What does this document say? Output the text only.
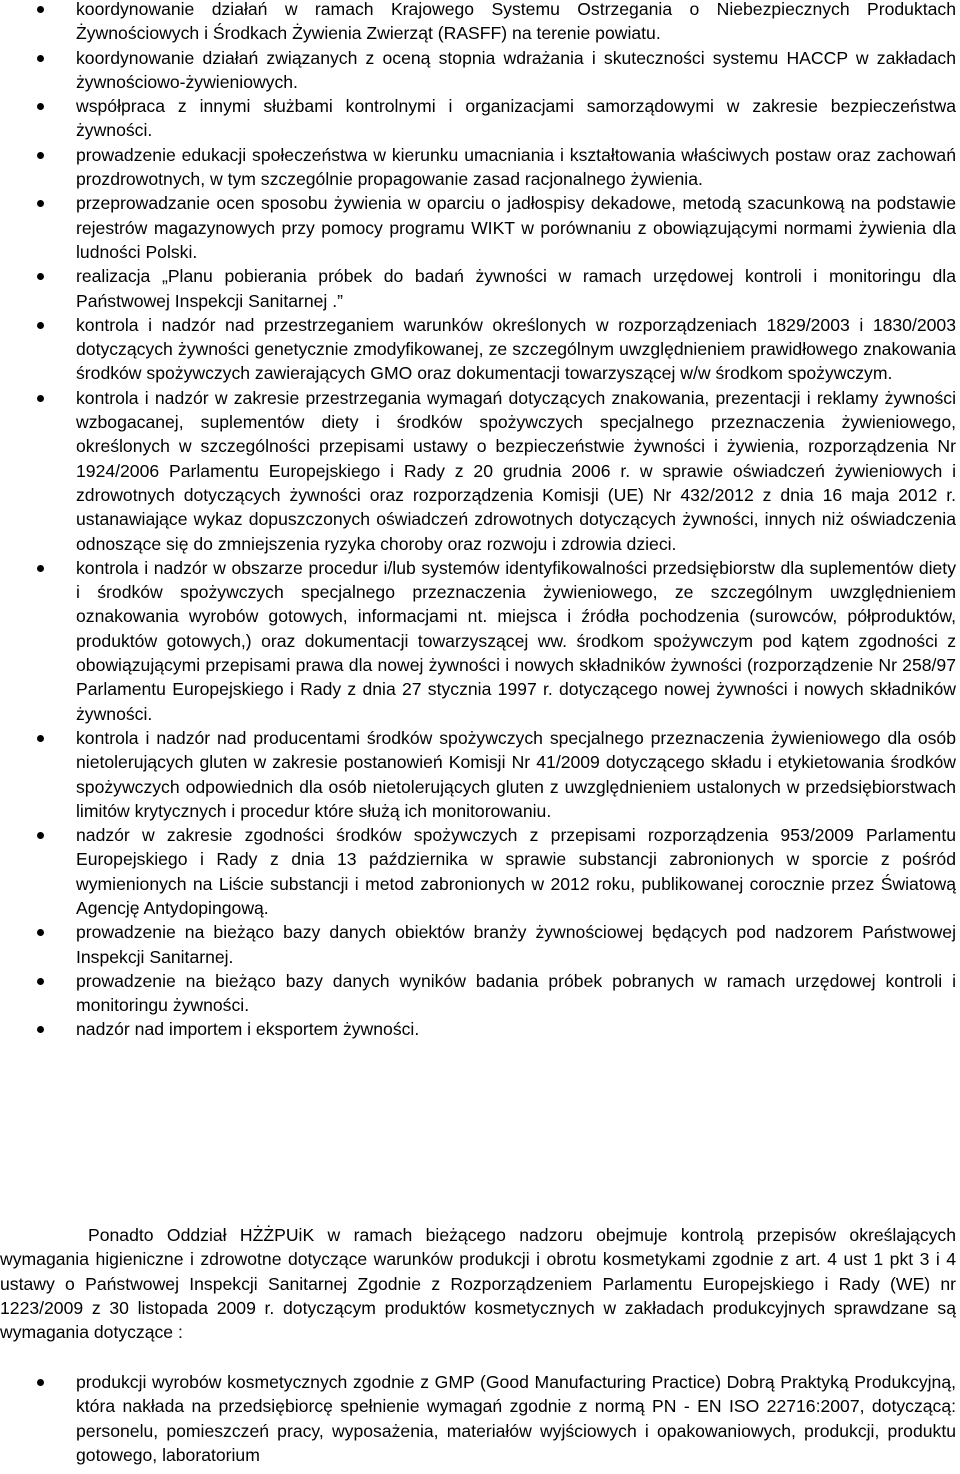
koordynowanie działań w ramach Krajowego Systemu Ostrzegania o Niebezpiecznych Produktach Żywnościowych i Środkach Żywienia Zwierząt (RASFF) na terenie powiatu.
koordynowanie działań związanych z oceną stopnia wdrażania i skuteczności systemu HACCP w zakładach żywnościowo-żywieniowych.
współpraca z innymi służbami kontrolnymi i organizacjami samorządowymi w zakresie bezpieczeństwa żywności.
prowadzenie edukacji społeczeństwa w kierunku umacniania i kształtowania właściwych postaw oraz zachowań prozdrowotnych, w tym szczególnie propagowanie zasad racjonalnego żywienia.
przeprowadzanie ocen sposobu żywienia w oparciu o jadłospisy dekadowe, metodą szacunkową na podstawie rejestrów magazynowych przy pomocy programu WIKT w porównaniu z obowiązującymi normami żywienia dla ludności Polski.
realizacja „Planu pobierania próbek do badań żywności w ramach urzędowej kontroli i monitoringu dla Państwowej Inspekcji Sanitarnej .”
kontrola i nadzór nad przestrzeganiem warunków określonych w rozporządzeniach 1829/2003 i 1830/2003 dotyczących żywności genetycznie zmodyfikowanej, ze szczególnym uwzględnieniem prawidłowego znakowania środków spożywczych zawierających GMO oraz dokumentacji towarzyszącej w/w środkom spożywczym.
kontrola i nadzór w zakresie przestrzegania wymagań dotyczących znakowania, prezentacji i reklamy żywności wzbogacanej, suplementów diety i środków spożywczych specjalnego przeznaczenia żywieniowego, określonych w szczególności przepisami ustawy o bezpieczeństwie żywności i żywienia, rozporządzenia Nr 1924/2006 Parlamentu Europejskiego i Rady z 20 grudnia 2006 r. w sprawie oświadczeń żywieniowych i zdrowotnych dotyczących żywności oraz rozporządzenia Komisji (UE) Nr 432/2012 z dnia 16 maja 2012 r. ustanawiające wykaz dopuszczonych oświadczeń zdrowotnych dotyczących żywności, innych niż oświadczenia odnoszące się do zmniejszenia ryzyka choroby oraz rozwoju i zdrowia dzieci.
kontrola i nadzór w obszarze procedur i/lub systemów identyfikowalności przedsiębiorstw dla suplementów diety i środków spożywczych specjalnego przeznaczenia żywieniowego, ze szczególnym uwzględnieniem oznakowania wyrobów gotowych, informacjami nt. miejsca i źródła pochodzenia (surowców, półproduktów, produktów gotowych,) oraz dokumentacji towarzyszącej ww. środkom spożywczym pod kątem zgodności z obowiązującymi przepisami prawa dla nowej żywności i nowych składników żywności (rozporządzenie Nr 258/97 Parlamentu Europejskiego i Rady z dnia 27 stycznia 1997 r. dotyczącego nowej żywności i nowych składników żywności.
kontrola i nadzór nad producentami środków spożywczych specjalnego przeznaczenia żywieniowego dla osób nietolerujących gluten w zakresie postanowień Komisji Nr 41/2009 dotyczącego składu i etykietowania środków spożywczych odpowiednich dla osób nietolerujących gluten z uwzględnieniem ustalonych w przedsiębiorstwach limitów krytycznych i procedur które służą ich monitorowaniu.
nadzór w zakresie zgodności środków spożywczych z przepisami rozporządzenia 953/2009 Parlamentu Europejskiego i Rady z dnia 13 października w sprawie substancji zabronionych w sporcie z pośród wymienionych na Liście substancji i metod zabronionych w 2012 roku, publikowanej corocznie przez Światową Agencję Antydopingową.
prowadzenie na bieżąco bazy danych obiektów branży żywnościowej będących pod nadzorem Państwowej Inspekcji Sanitarnej.
prowadzenie na bieżąco bazy danych wyników badania próbek pobranych w ramach urzędowej kontroli i monitoringu żywności.
nadzór nad importem i eksportem żywności.

Ponadto Oddział HŻŻPUiK w ramach bieżącego nadzoru obejmuje kontrolą przepisów określających wymagania higieniczne i zdrowotne dotyczące warunków produkcji i obrotu kosmetykami zgodnie z art. 4 ust 1 pkt 3 i 4 ustawy o Państwowej Inspekcji Sanitarnej Zgodnie z Rozporządzeniem Parlamentu Europejskiego i Rady (WE) nr 1223/2009 z 30 listopada 2009 r. dotyczącym produktów kosmetycznych w zakładach produkcyjnych sprawdzane są wymagania dotyczące :

produkcji wyrobów kosmetycznych zgodnie z GMP (Good Manufacturing Practice) Dobrą Praktyką Produkcyjną, która nakłada na przedsiębiorcę spełnienie wymagań zgodnie z normą PN - EN ISO 22716:2007, dotyczącą: personelu, pomieszczeń pracy, wyposażenia, materiałów wyjściowych i opakowaniowych, produkcji, produktu gotowego, laboratorium
